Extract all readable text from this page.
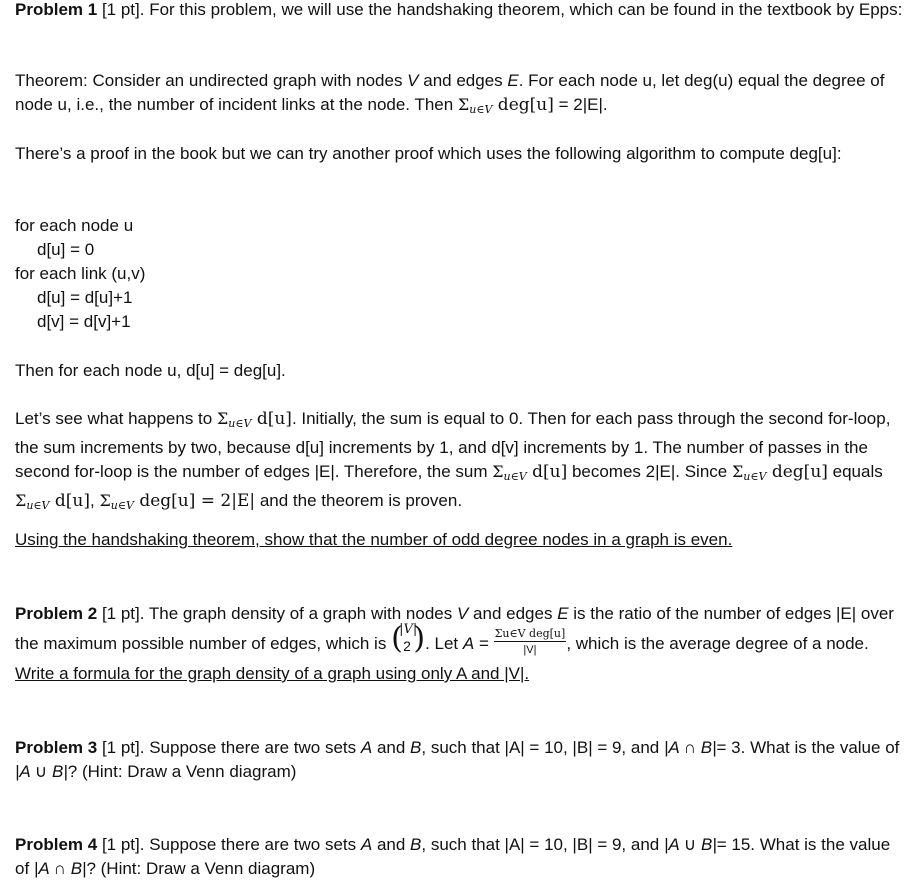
Problem 1 [1 pt]. For this problem, we will use the handshaking theorem, which can be found in the textbook by Epps:

Theorem: Consider an undirected graph with nodes V and edges E. For each node u, let deg(u) equal the degree of node u, i.e., the number of incident links at the node. Then $\Sigma_{u\in V}$ deg[u] = 2|E|.

There’s a proof in the book but we can try another proof which uses the following algorithm to compute deg[u]:

for each node u
d[u] = 0
for each link (u,v)
d[u] = d[u]+1
d[v] = d[v]+1

Then for each node u, d[u] = deg[u].

Let’s see what happens to $\Sigma_{u\in V}$ d[u]. Initially, the sum is equal to 0. Then for each pass through the second for-loop, the sum increments by two, because d[u] increments by 1, and d[v] increments by 1. The number of passes in the second for-loop is the number of edges |E|. Therefore, the sum $\Sigma_{u\in V}$ d[u] becomes 2|E|. Since $\Sigma_{u\in V}$ deg[u] equals $\Sigma_{u\in V}$ d[u], $\Sigma_{u\in V}$ deg[u] = 2|E| and the theorem is proven.

Using the handshaking theorem, show that the number of odd degree nodes in a graph is even.

Problem 2 [1 pt]. The graph density of a graph with nodes V and edges E is the ratio of the number of edges |E| over the maximum possible number of edges, which is (
|V|
2 ) . Let $A = \frac{\text{Σu∈V deg[u]}}{|V|}$ , which is the average degree of a node. Write a formula for the graph density of a graph using only A and |V|.

Problem 3 [1 pt]. Suppose there are two sets A and B, such that |A| = 10, |B| = 9, and |A ∩ B|= 3. What is the value of |A ∪ B|? (Hint: Draw a Venn diagram)

Problem 4 [1 pt]. Suppose there are two sets A and B, such that |A| = 10, |B| = 9, and |A ∪ B|= 15. What is the value of |A ∩ B|? (Hint: Draw a Venn diagram)
